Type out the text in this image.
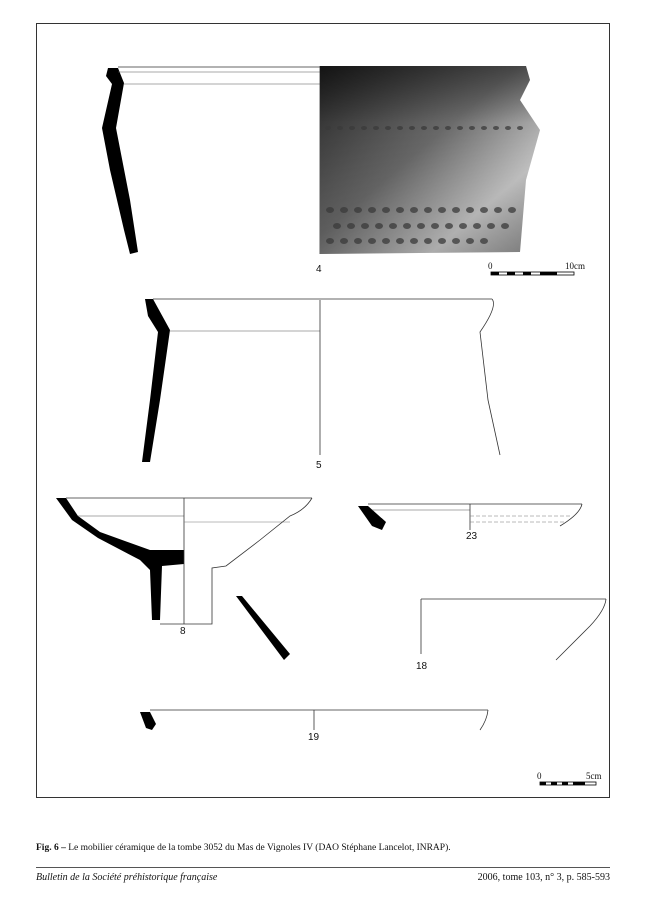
4
5
8
23
18
19
0	10cm
0	5cm
Fig. 6 – Le mobilier céramique de la tombe 3052 du Mas de Vignoles IV (DAO Stéphane Lancelot, INRAP).
Bulletin de la Société préhistorique française	2006, tome 103, n° 3, p. 585-593
